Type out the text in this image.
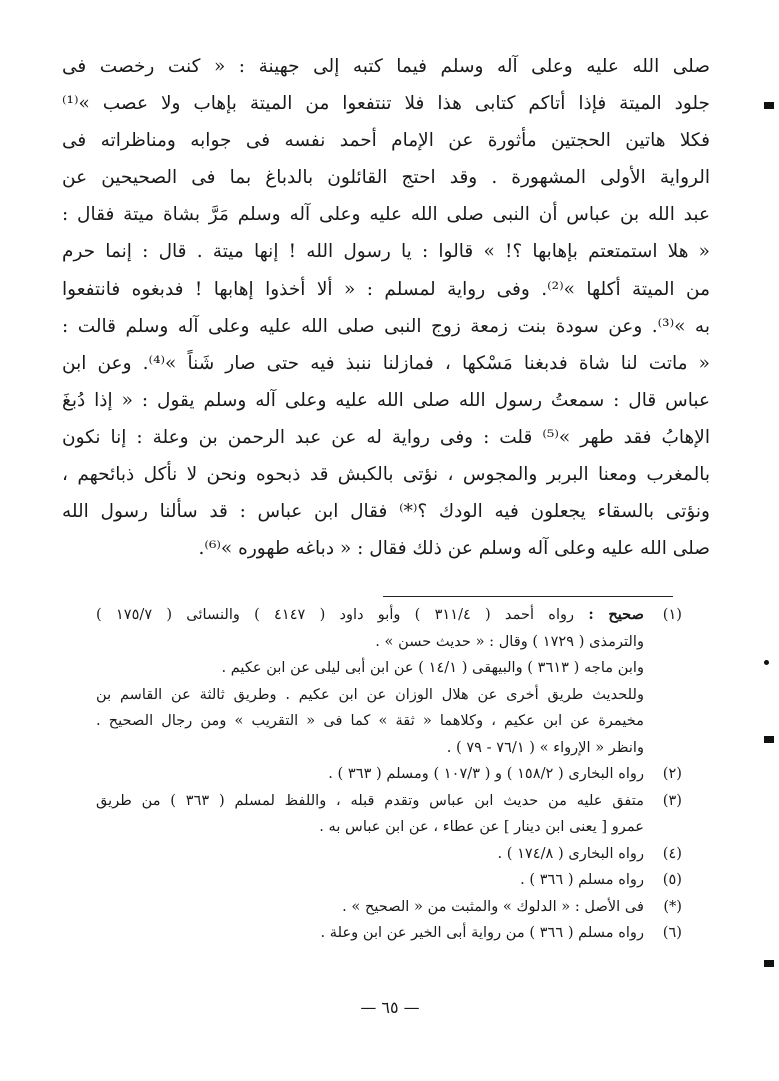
صلى الله عليه وعلى آله وسلم فيما كتبه إلى جهينة : « كنت رخصت فى
جلود الميتة فإذا أتاكم كتابى هذا فلا تنتفعوا من الميتة بإهاب ولا عصب »⁽¹⁾
فكلا هاتين الحجتين مأثورة عن الإمام أحمد نفسه فى جوابه ومناظراته فى
الرواية الأولى المشهورة . وقد احتج القائلون بالدباغ بما فى الصحيحين عن
عبد الله بن عباس أن النبى صلى الله عليه وعلى آله وسلم مَرَّ بشاة ميتة فقال :
« هلا استمتعتم بإهابها ؟! » قالوا : يا رسول الله ! إنها ميتة . قال : إنما حرم
من الميتة أكلها »⁽²⁾. وفى رواية لمسلم : « ألا أخذوا إهابها ! فدبغوه فانتفعوا
به »⁽³⁾. وعن سودة بنت زمعة زوج النبى صلى الله عليه وعلى آله وسلم قالت :
« ماتت لنا شاة فدبغنا مَسْكها ، فمازلنا ننبذ فيه حتى صار شَناً »⁽⁴⁾. وعن ابن
عباس قال : سمعتُ رسول الله صلى الله عليه وعلى آله وسلم يقول : « إذا دُبغَ
الإهابُ فقد طهر »⁽⁵⁾ قلت : وفى رواية له عن عبد الرحمن بن وعلة : إنا نكون
بالمغرب ومعنا البربر والمجوس ، نؤتى بالكبش قد ذبحوه ونحن لا نأكل ذبائحهم ،
ونؤتى بالسقاء يجعلون فيه الودك ؟⁽*⁾ فقال ابن عباس : قد سألنا رسول الله
صلى الله عليه وعلى آله وسلم عن ذلك فقال : « دباغه طهوره »⁽⁶⁾.
(١)
صحيح : رواه أحمد ( ٣١١/٤ ) وأبو داود ( ٤١٤٧ ) والنسائى ( ١٧٥/٧ )
والترمذى ( ١٧٢٩ ) وقال : « حديث حسن » .
وابن ماجه ( ٣٦١٣ ) والبيهقى ( ١٤/١ ) عن ابن أبى ليلى عن ابن عكيم .
وللحديث طريق أخرى عن هلال الوزان عن ابن عكيم . وطريق ثالثة عن القاسم بن
مخيمرة عن ابن عكيم ، وكلاهما « ثقة » كما فى « التقريب » ومن رجال الصحيح .
وانظر « الإرواء » ( ٧٦/١ - ٧٩ ) .
(٢)
رواه البخارى ( ١٥٨/٢ ) و ( ١٠٧/٣ ) ومسلم ( ٣٦٣ ) .
(٣)
متفق عليه من حديث ابن عباس وتقدم قبله ، واللفظ لمسلم ( ٣٦٣ ) من طريق
عمرو [ يعنى ابن دينار ] عن عطاء ، عن ابن عباس به .
(٤)
رواه البخارى ( ١٧٤/٨ ) .
(٥)
رواه مسلم ( ٣٦٦ ) .
(*)
فى الأصل : « الدلوك » والمثبت من « الصحيح » .
(٦)
رواه مسلم ( ٣٦٦ ) من رواية أبى الخير عن ابن وعلة .
— ٦٥ —
